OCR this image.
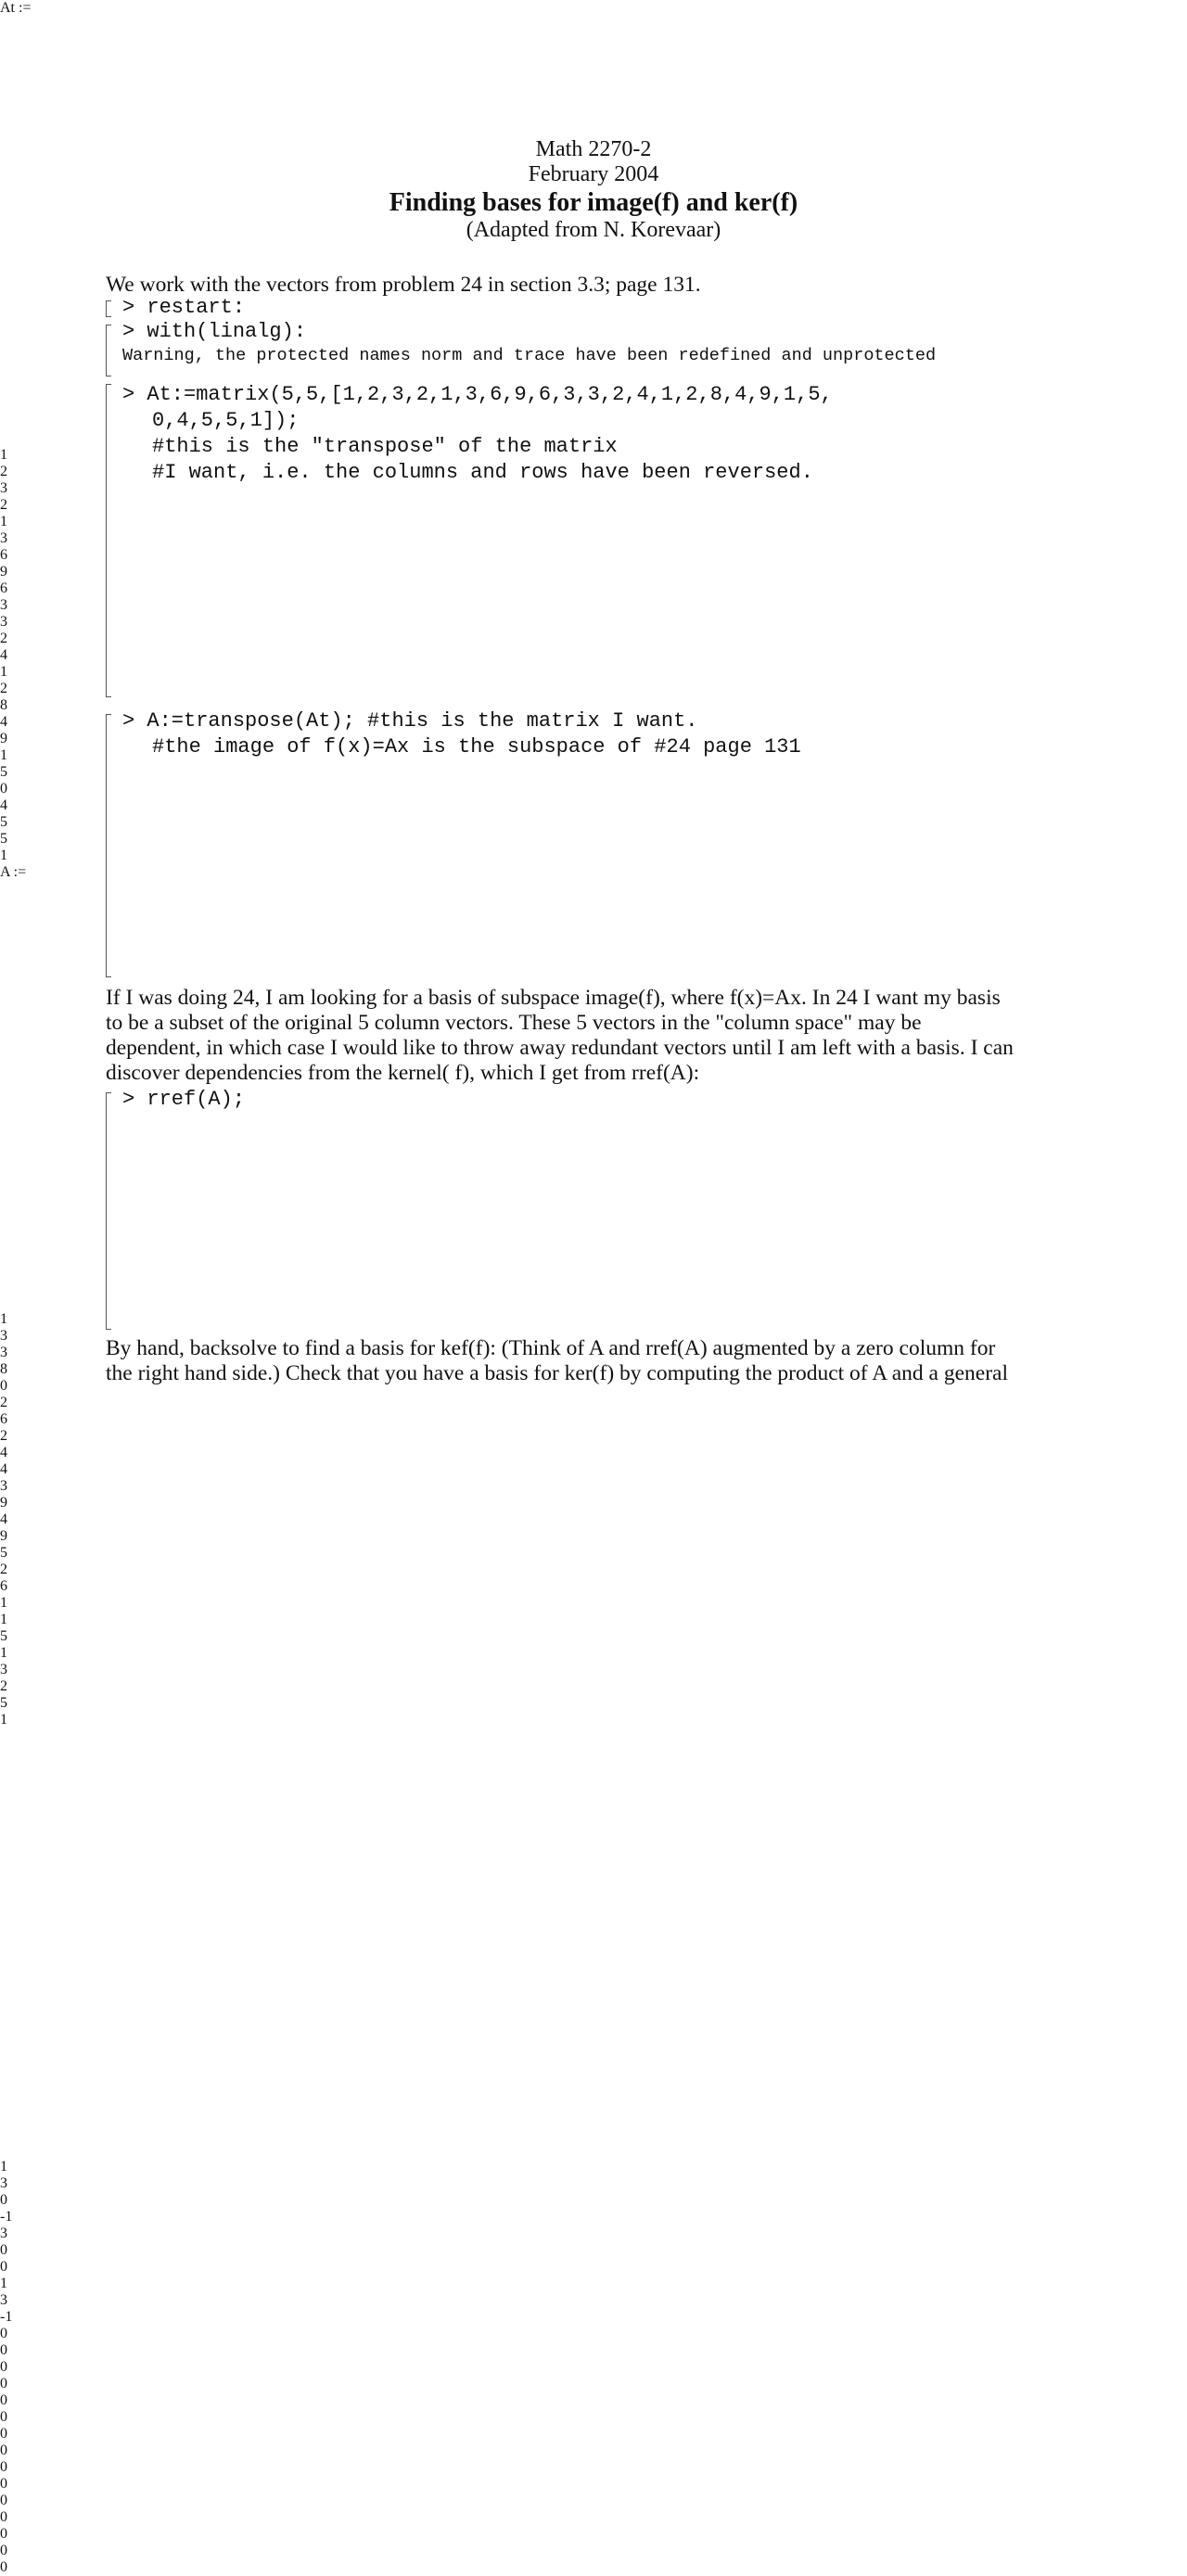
Math 2270-2
February 2004
Finding bases for image(f) and ker(f)
(Adapted from N. Korevaar)
We work with the vectors from problem 24 in section 3.3; page 131.
> restart:
> with(linalg):
Warning, the protected names norm and trace have been redefined and unprotected
> At:=matrix(5,5,[1,2,3,2,1,3,6,9,6,3,3,2,4,1,2,8,4,9,1,5,
0,4,5,5,1]);
#this is the "transpose" of the matrix
#I want, i.e. the columns and rows have been reversed.
> A:=transpose(At); #this is the matrix I want.
#the image of f(x)=Ax is the subspace of #24 page 131
If I was doing 24, I am looking for a basis of subspace image(f), where f(x)=Ax. In 24 I want my basis
to be a subset of the original 5 column vectors. These 5 vectors in the "column space" may be
dependent, in which case I would like to throw away redundant vectors until I am left with a basis. I can
discover dependencies from the kernel( f), which I get from rref(A):
> rref(A);
By hand, backsolve to find a basis for kef(f): (Think of A and rref(A) augmented by a zero column for
the right hand side.) Check that you have a basis for ker(f) by computing the product of A and a general
At :=
1
2
3
2
1
3
6
9
6
3
3
2
4
1
2
8
4
9
1
5
0
4
5
5
1
A :=
1
3
3
8
0
2
6
2
4
4
3
9
4
9
5
2
6
1
1
5
1
3
2
5
1
1
3
0
-1
3
0
0
1
3
-1
0
0
0
0
0
0
0
0
0
0
0
0
0
0
0
